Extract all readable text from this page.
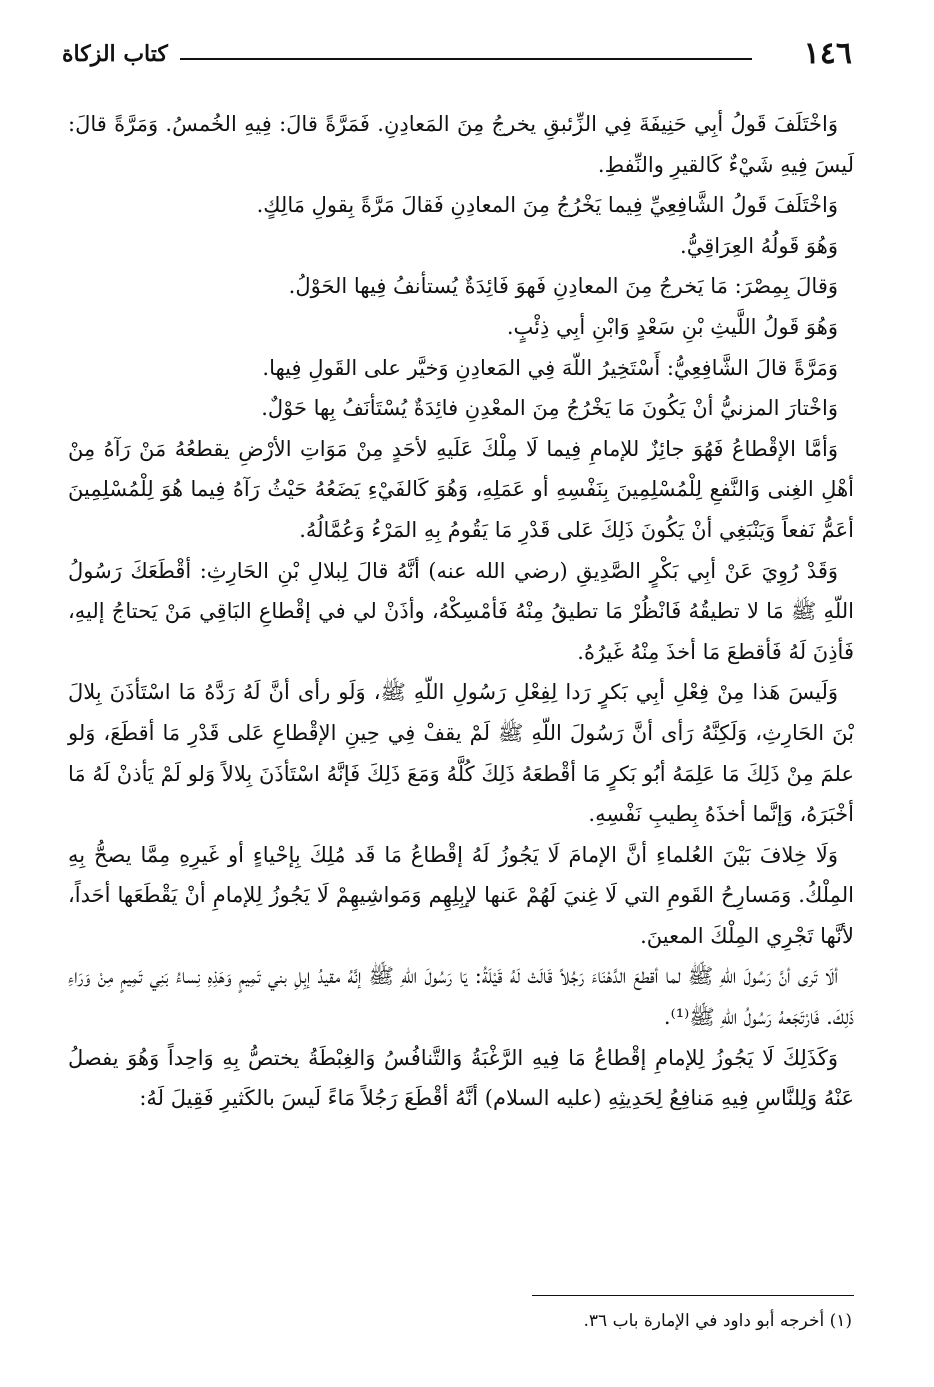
١٤٦
كتاب الزكاة

وَاخْتَلَفَ قَولُ أبِي حَنِيفَةَ فِي الزِّئبقِ يخرجُ مِنَ المَعادِنِ. فَمَرَّةً قالَ: فِيهِ الخُمسُ. وَمَرَّةً قالَ: لَيسَ فِيهِ شَيْءٌ كَالقيرِ والنِّفطِ.

وَاخْتَلَفَ قَولُ الشَّافِعِيِّ فِيما يَخْرُجُ مِنَ المعادِنِ فَقالَ مَرَّةً بِقولِ مَالِكٍ.

وَهُوَ قَولُهُ العِرَاقِيُّ.

وَقالَ بِمِصْرَ: مَا يَخرجُ مِنَ المعادِنِ فَهوَ فَائِدَةٌ يُستأنفُ فِيها الحَوْلُ.

وَهُوَ قَولُ اللَّيثِ بْنِ سَعْدٍ وَابْنِ أبِي ذِئْبٍ.

وَمَرَّةً قالَ الشَّافِعِيُّ: أَسْتَخِيرُ اللّهَ فِي المَعادِنِ وَخيَّر على القَولِ فِيها.

وَاخْتارَ المزنيُّ أنْ يَكُونَ مَا يَخْرُجُ مِنَ المعْدِنِ فائِدَةٌ يُسْتَأنَفُ بِها حَوْلٌ.

وَأمَّا الإقْطاعُ فَهُوَ جائِزٌ للإمامِ فِيما لَا مِلْكَ عَلَيهِ لأحَدٍ مِنْ مَوَاتِ الأرْضِ يقطعُهُ مَنْ رَآهُ مِنْ أهْلِ الغِنى وَالنَّفعِ لِلْمُسْلِمِينَ بِنَفْسِهِ أو عَمَلِهِ، وَهُوَ كَالفَيْءِ يَضَعُهُ حَيْثُ رَآهُ فِيما هُوَ لِلْمُسْلِمِينَ أعَمُّ نَفعاً وَيَنْبَغِي أنْ يَكُونَ ذَلِكَ عَلى قَدْرِ مَا يَقُومُ بِهِ المَرْءُ وَعُمَّالُهُ.

وَقَدْ رُوِيَ عَنْ أبِي بَكْرٍ الصَّدِيقِ (رضي الله عنه) أنَّهُ قالَ لِبلالِ بْنِ الحَارِثِ: أقْطَعَكَ رَسُولُ اللّهِ ﷺ مَا لا تطيقُهُ فَانْظُرْ مَا تطيقُ مِنْهُ فَأمْسِكْهُ، وأذَنْ لي في إقْطاعِ البَاقِي مَنْ يَحتاجُ إليهِ، فَأذِنَ لَهُ فَأقطعَ مَا أخذَ مِنْهُ غَيرُهُ.

وَلَيسَ هَذا مِنْ فِعْلِ أبِي بَكرٍ رَدا لِفِعْلِ رَسُولِ اللّهِ ﷺ، وَلَو رأى أنَّ لَهُ رَدَّهُ مَا اسْتَأذَنَ بِلالَ بْنَ الحَارِثِ، وَلَكِنَّهُ رَأى أنَّ رَسُولَ اللّهِ ﷺ لَمْ يقفْ فِي حِينِ الإقْطاعِ عَلى قَدْرِ مَا أقطَعَ، وَلو علمَ مِنْ ذَلِكَ مَا عَلِمَهُ أبُو بَكرٍ مَا أقْطعَهُ ذَلِكَ كُلَّهُ وَمَعَ ذَلِكَ فَإنَّهُ اسْتَأذَنَ بِلالاً وَلو لَمْ يَأذنْ لَهُ مَا أخْبَرَهُ، وَإنَّما أخذَهُ بِطيبِ نَفْسِهِ.

وَلَا خِلافَ بَيْنَ العُلماءِ أنَّ الإمامَ لَا يَجُوزُ لَهُ إقْطاعُ مَا قَد مُلِكَ بِإحْياءٍ أو غَيرِهِ مِمَّا يصحُّ بِهِ المِلْكُ. وَمَسارِحُ القَومِ التي لَا غِنيَ لَهُمْ عَنها لإبِلِهِم وَمَواشِيهِمْ لَا يَجُوزُ لِلإمامِ أنْ يَقْطَعَها أحَداً، لأنَّها تَجْرِي المِلْكَ المعينَ.

ألَا تَرى أنَّ رَسُولَ اللّهِ ﷺ لما أقطعَ الدَّهْنَاءَ رَجُلاً قَالَتْ لَهُ قَيْلَةُ: يَا رَسُولَ اللّهِ ﷺ إنَّهُ مقيدُ إبِلِ بني تَمِيمٍ وَهَذِهِ نِساءُ بَنِي تَمِيمٍ مِنْ وَرَاءِ ذَلِكَ. فَارْتَجَعهُ رَسُولُ اللّهِ ﷺ⁽¹⁾.

وَكَذَلِكَ لَا يَجُوزُ لِلإمامِ إقْطاعُ مَا فِيهِ الرَّغْبَةُ وَالتَّنافُسُ وَالغِبْطَةُ يختصُّ بِهِ وَاحِداً وَهُوَ يفصلُ عَنْهُ وَلِلنَّاسِ فِيهِ مَنافِعُ لِحَدِيثِهِ (عليه السلام) أنَّهُ أقْطَعَ رَجُلاً مَاءً لَيسَ بالكَثيرِ فَقِيلَ لَهُ:

(١) أخرجه أبو داود في الإمارة باب ٣٦.
